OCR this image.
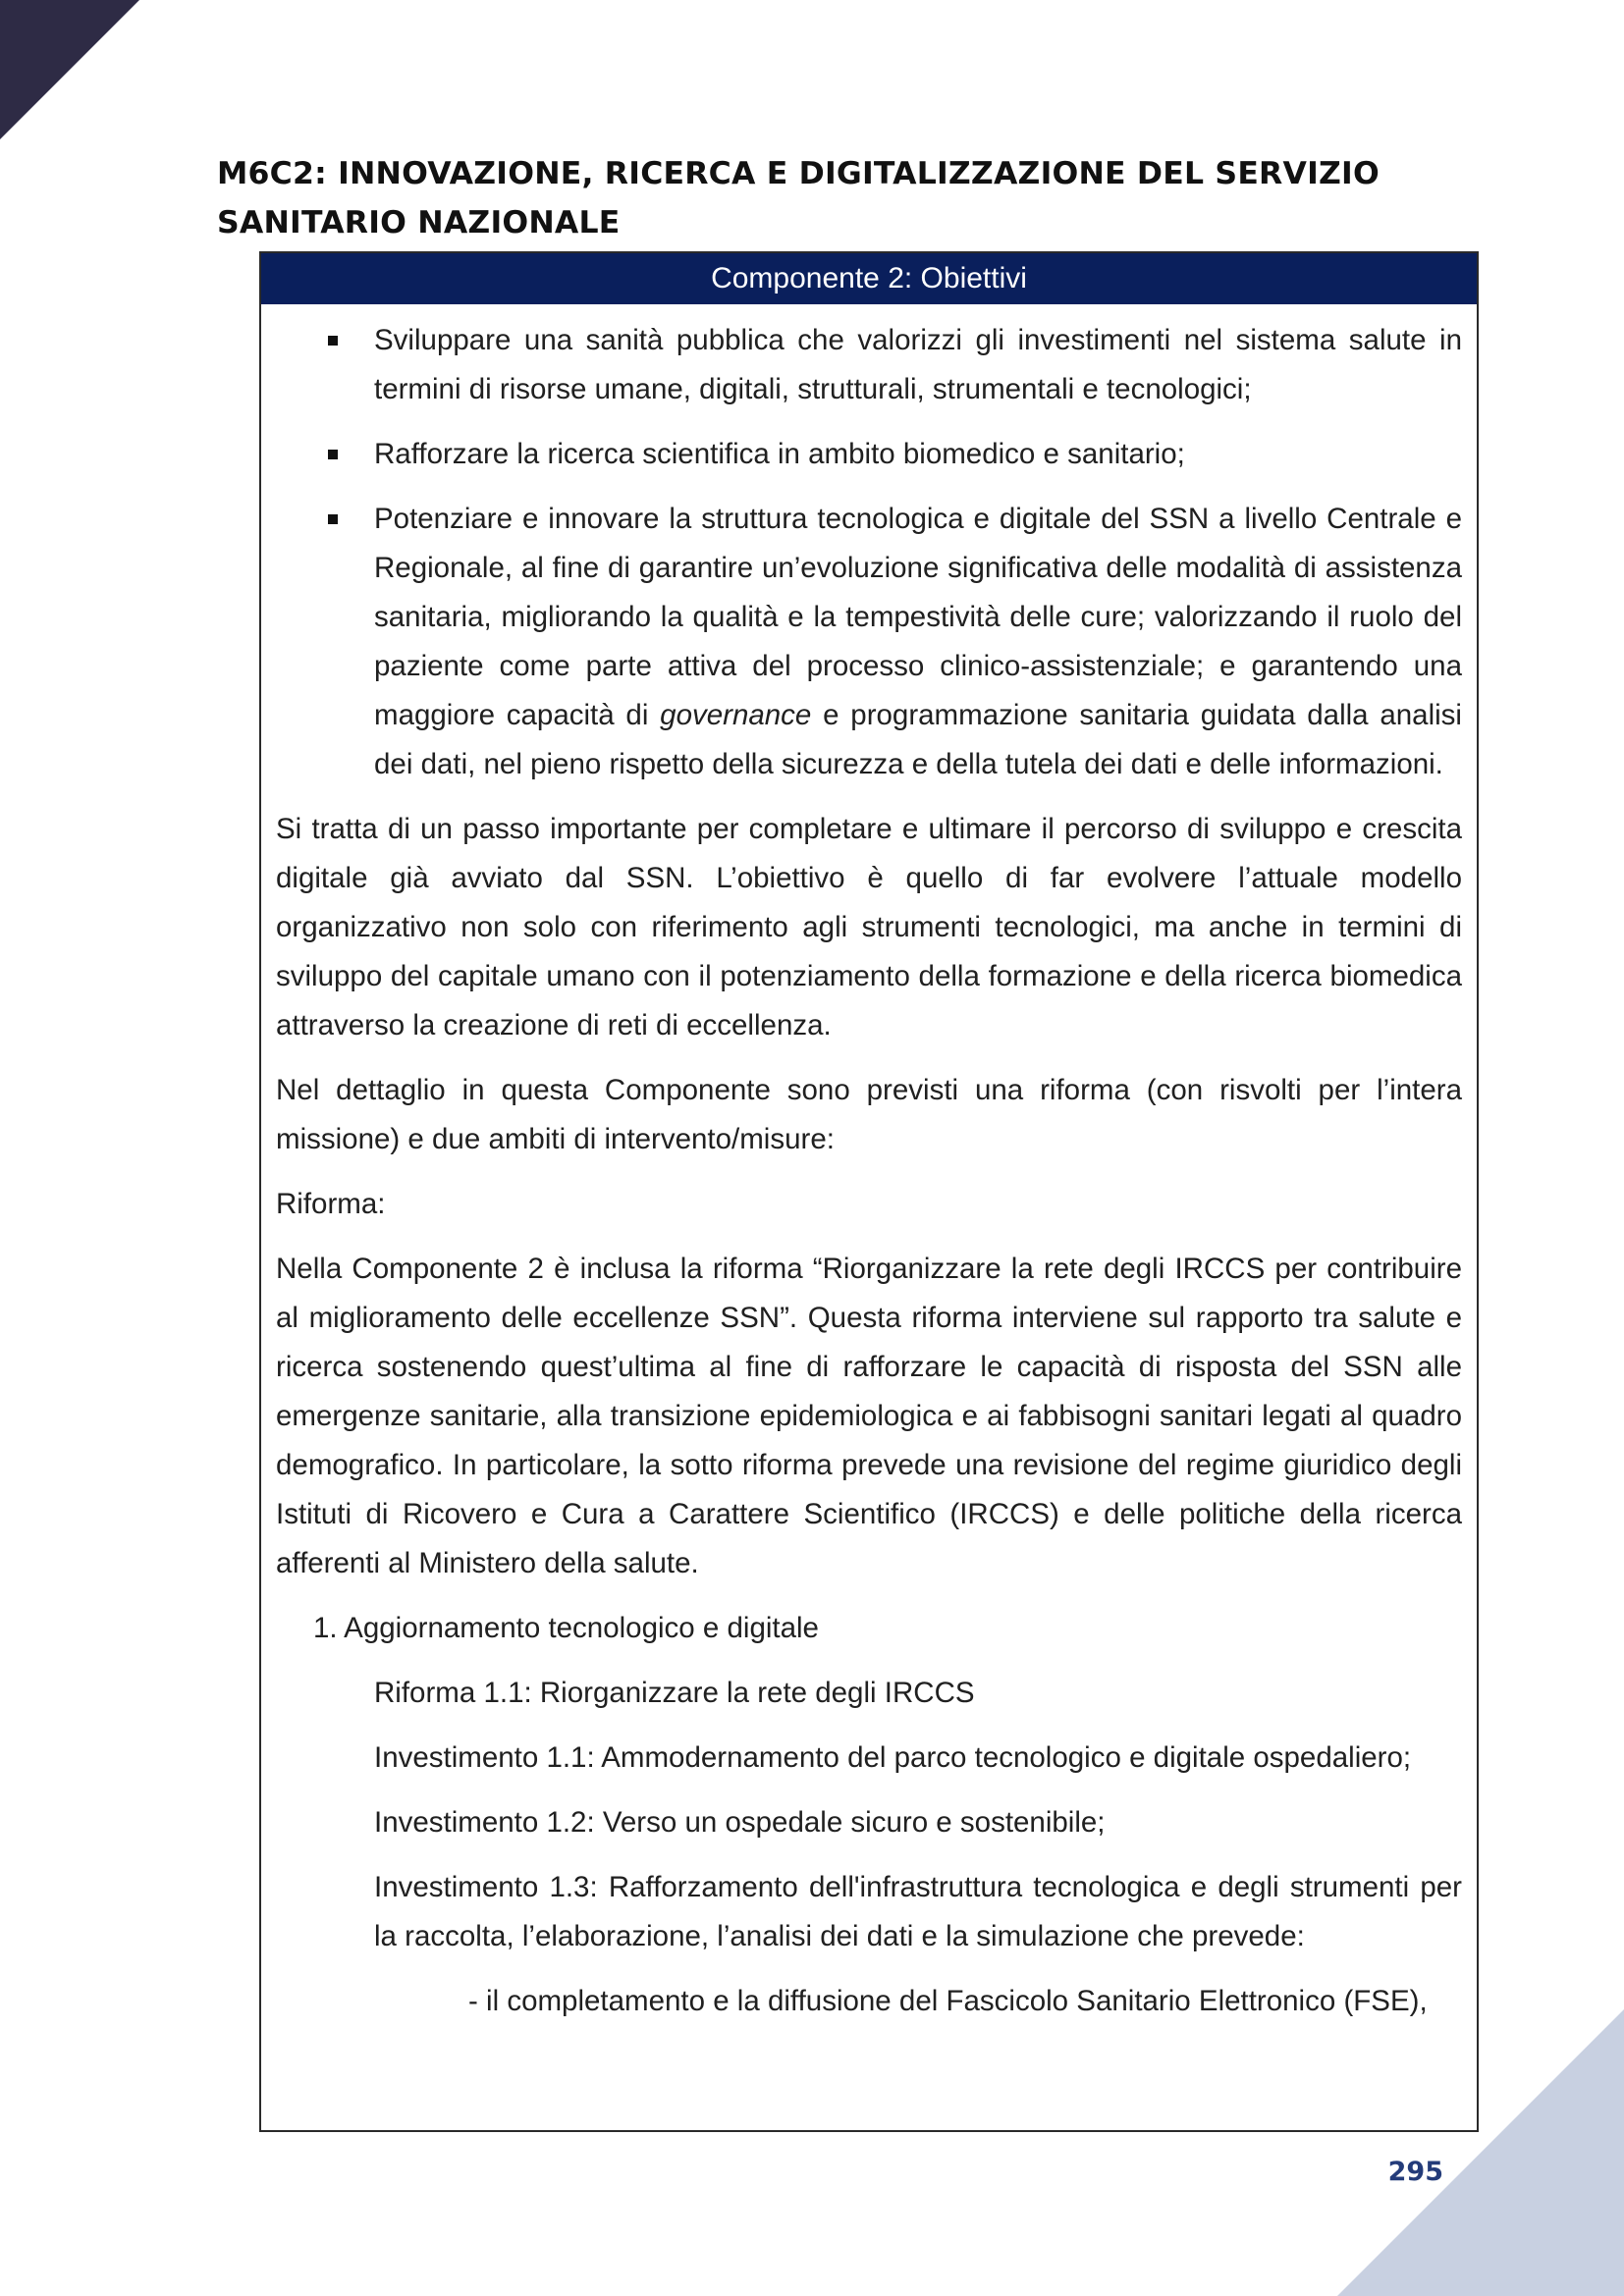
M6C2: INNOVAZIONE, RICERCA E DIGITALIZZAZIONE DEL SERVIZIO SANITARIO NAZIONALE
Componente 2: Obiettivi
Sviluppare una sanità pubblica che valorizzi gli investimenti nel sistema salute in termini di risorse umane, digitali, strutturali, strumentali e tecnologici;
Rafforzare la ricerca scientifica in ambito biomedico e sanitario;
Potenziare e innovare la struttura tecnologica e digitale del SSN a livello Centrale e Regionale, al fine di garantire un’evoluzione significativa delle modalità di assistenza sanitaria, migliorando la qualità e la tempestività delle cure; valorizzando il ruolo del paziente come parte attiva del processo clinico-assistenziale; e garantendo una maggiore capacità di governance e programmazione sanitaria guidata dalla analisi dei dati, nel pieno rispetto della sicurezza e della tutela dei dati e delle informazioni.

Si tratta di un passo importante per completare e ultimare il percorso di sviluppo e crescita digitale già avviato dal SSN. L’obiettivo è quello di far evolvere l’attuale modello organizzativo non solo con riferimento agli strumenti tecnologici, ma anche in termini di sviluppo del capitale umano con il potenziamento della formazione e della ricerca biomedica attraverso la creazione di reti di eccellenza.

Nel dettaglio in questa Componente sono previsti una riforma (con risvolti per l’intera missione) e due ambiti di intervento/misure:

Riforma:

Nella Componente 2 è inclusa la riforma “Riorganizzare la rete degli IRCCS per contribuire al miglioramento delle eccellenze SSN”. Questa riforma interviene sul rapporto tra salute e ricerca sostenendo quest’ultima al fine di rafforzare le capacità di risposta del SSN alle emergenze sanitarie, alla transizione epidemiologica e ai fabbisogni sanitari legati al quadro demografico. In particolare, la sotto riforma prevede una revisione del regime giuridico degli Istituti di Ricovero e Cura a Carattere Scientifico (IRCCS) e delle politiche della ricerca afferenti al Ministero della salute.

1. Aggiornamento tecnologico e digitale

Riforma 1.1: Riorganizzare la rete degli IRCCS

Investimento 1.1: Ammodernamento del parco tecnologico e digitale ospedaliero;

Investimento 1.2: Verso un ospedale sicuro e sostenibile;

Investimento 1.3: Rafforzamento dell'infrastruttura tecnologica e degli strumenti per la raccolta, l’elaborazione, l’analisi dei dati e la simulazione che prevede:

- il completamento e la diffusione del Fascicolo Sanitario Elettronico (FSE),

295
